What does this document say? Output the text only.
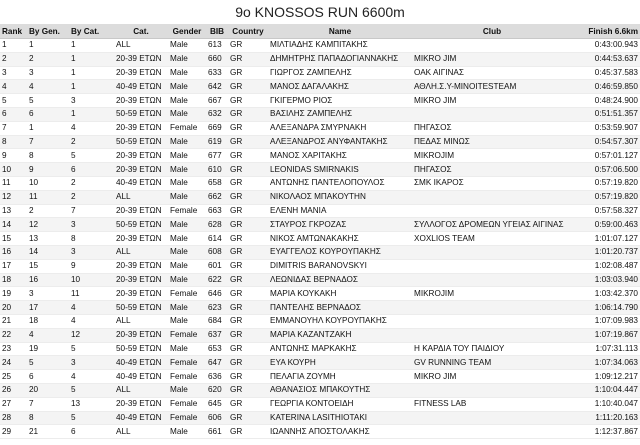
9o KNOSSOS RUN 6600m
Rank	By Gen.	By Cat.	Cat.	Gender	BIB	Country	Name	Club	Finish 6.6km
1	1	1	ALL	Male	613	GR	ΜΙΛΤΙΑΔΗΣ ΚΑΜΠΙΤΑΚΗΣ		0:43:00.943
2	2	1	20-39 ΕΤΩΝ	Male	660	GR	ΔΗΜΗΤΡΗΣ ΠΑΠΑΔΟΓΙΑΝΝΑΚΗΣ	MIKRO JIM	0:44:53.637
3	3	1	20-39 ΕΤΩΝ	Male	633	GR	ΓΙΩΡΓΟΣ ΖΑΜΠΕΛΗΣ	ΟΑΚ ΑΙΓΙΝΑΣ	0:45:37.583
4	4	1	40-49 ΕΤΩΝ	Male	642	GR	ΜΑΝΟΣ ΔΑΓΑΛΑΚΗΣ	ΑΘΛΗ.Σ.Υ-MINOITESTEAM	0:46:59.850
5	5	3	20-39 ΕΤΩΝ	Male	667	GR	ΓΚΙΓΕΡΜΟ ΡΙΟΣ	MIKRO JIM	0:48:24.900
6	6	1	50-59 ΕΤΩΝ	Male	632	GR	ΒΑΣΙΛΗΣ ΖΑΜΠΕΛΗΣ		0:51:51.357
7	1	4	20-39 ΕΤΩΝ	Female	669	GR	ΑΛΕΞΑΝΔΡΑ ΣΜΥΡΝΑΚΗ	ΠΗΓΑΣΟΣ	0:53:59.907
8	7	2	50-59 ΕΤΩΝ	Male	619	GR	ΑΛΕΞΑΝΔΡΟΣ ΑΝΥΦΑΝΤΑΚΗΣ	ΠΕΔΑΣ ΜΙΝΩΣ	0:54:57.307
9	8	5	20-39 ΕΤΩΝ	Male	677	GR	ΜΑΝΟΣ ΧΑΡΙΤΑΚΗΣ	MIKROJIM	0:57:01.127
10	9	6	20-39 ΕΤΩΝ	Male	610	GR	LEONIDAS SMIRNAKIS	ΠΗΓΑΣΟΣ	0:57:06.500
11	10	2	40-49 ΕΤΩΝ	Male	658	GR	ΑΝΤΩΝΗΣ ΠΑΝΤΕΛΟΠΟΥΛΟΣ	ΣΜΚ ΙΚΑΡΟΣ	0:57:19.820
12	11	2	ALL	Male	662	GR	ΝΙΚΟΛΑΟΣ ΜΠΑΚΟΥΤΗΝ		0:57:19.820
13	2	7	20-39 ΕΤΩΝ	Female	663	GR	ΕΛΕΝΗ ΜΑΝΙΑ		0:57:58.327
14	12	3	50-59 ΕΤΩΝ	Male	628	GR	ΣΤΑΥΡΟΣ ΓΚΡΟΖΑΣ	ΣΥΛΛΟΓΟΣ ΔΡΟΜΕΩΝ ΥΓΕΙΑΣ ΑΙΓΙΝΑΣ	0:59:00.463
15	13	8	20-39 ΕΤΩΝ	Male	614	GR	ΝΙΚΟΣ ΑΜΤΩΝΑΚΑΚΗΣ	XOXLIOS TEAM	1:01:07.127
16	14	3	ALL	Male	608	GR	ΕΥΑΓΓΕΛΟΣ ΚΟΥΡΟΥΠΑΚΗΣ		1:01:20.737
17	15	9	20-39 ΕΤΩΝ	Male	601	GR	DIMITRIS BARANOVSKYI		1:02:08.487
18	16	10	20-39 ΕΤΩΝ	Male	622	GR	ΛΕΩΝΙΔΑΣ ΒΕΡΝΑΔΟΣ		1:03:03.940
19	3	11	20-39 ΕΤΩΝ	Female	646	GR	ΜΑΡΙΑ ΚΟΥΚΑΚΗ	MIKROJIM	1:03:42.370
20	17	4	50-59 ΕΤΩΝ	Male	623	GR	ΠΑΝΤΕΛΗΣ ΒΕΡΝΑΔΟΣ		1:06:14.790
21	18	4	ALL	Male	684	GR	ΕΜΜΑΝΟΥΗΛ ΚΟΥΡΟΥΠΑΚΗΣ		1:07:09.983
22	4	12	20-39 ΕΤΩΝ	Female	637	GR	ΜΑΡΙΑ ΚΑΖΑΝΤΖΑΚΗ		1:07:19.867
23	19	5	50-59 ΕΤΩΝ	Male	653	GR	ΑΝΤΩΝΗΣ ΜΑΡΚΑΚΗΣ	Η ΚΑΡΔΙΑ ΤΟΥ ΠΑΙΔΙΟΥ	1:07:31.113
24	5	3	40-49 ΕΤΩΝ	Female	647	GR	ΕΥΑ ΚΟΥΡΗ	GV RUNNING TEAM	1:07:34.063
25	6	4	40-49 ΕΤΩΝ	Female	636	GR	ΠΕΛΑΓΙΑ ΖΟΥΜΗ	MIKRO JIM	1:09:12.217
26	20	5	ALL	Male	620	GR	ΑΘΑΝΑΣΙΟΣ ΜΠΑΚΟΥΤΗΣ		1:10:04.447
27	7	13	20-39 ΕΤΩΝ	Female	645	GR	ΓΕΩΡΓΙΑ ΚΟΝΤΟΕΙΔΗ	FITNESS LAB	1:10:40.047
28	8	5	40-49 ΕΤΩΝ	Female	606	GR	KATERINA LASITHIOTAKI		1:11:20.163
29	21	6	ALL	Male	661	GR	ΙΩΑΝΝΗΣ ΑΠΟΣΤΟΛΑΚΗΣ		1:12:37.867
